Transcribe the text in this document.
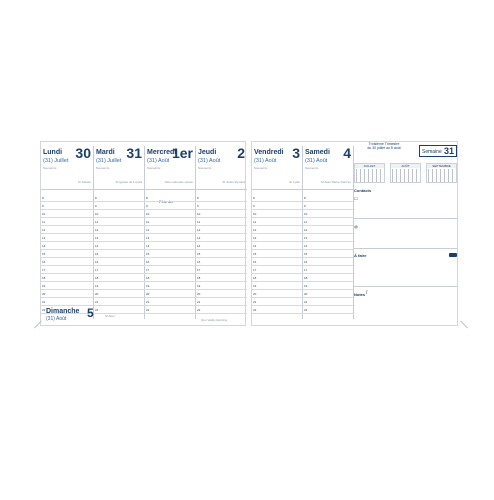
Lundi 30
(31) Juillet
Souvenirs
St Juliette
Mardi 31
(31) Juillet
Souvenirs
St Ignace de Loyola
Mercredi
1er
(31) Août
Souvenirs
Fête nationale suisse
Jeudi 2
(31) Août
Souvenirs
St Julien Eymard
8	8	8	8
9	9	9	9
10	10	10	10
11	11	11	11
12	12	12	12
13	13	13	13
14	14	14	14
15	15	15	15
16	16	16	16
17	17	17	17
18	18	18	18
19	19	19	19
20	20	20	20
21	21	21	21
22	22	22	22
Dimanche 5
(31) Août	St Abel
Quo Vadis planning
Vendredi 3
(31) Août
Souvenirs
St Lydie
Samedi 4
(31) Août
Souvenirs
St Jean-Marie Vianney
8	8
9	9
10	10
11	11
12	12
13	13
14	14
15	15
16	16
17	17
18	18
19	19
20	20
21	21
22	22
Troisième Trimestre
du 30 juillet au 5 août
Semaine 31
JUILLET	AOÛT	SEPTEMBRE
Contacts
☐
@
À faire
Notes /
